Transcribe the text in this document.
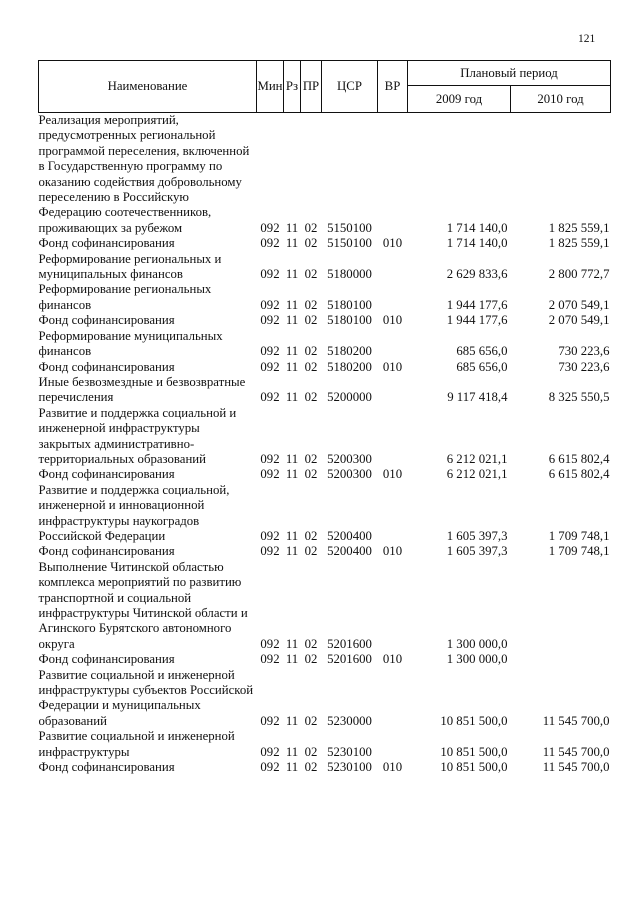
121
Наименование	Мин	Рз	ПР	ЦСР	ВР	Плановый период	
						2009 год	2010 год
Реализация мероприятий, предусмотренных региональной программой переселения, включенной в Государственную программу по оказанию содействия добровольному переселению в Российскую Федерацию соотечественников, проживающих за рубежом	092	11	02	5150100		1 714 140,0	1 825 559,1
Фонд софинансирования	092	11	02	5150100	010	1 714 140,0	1 825 559,1
Реформирование региональных и муниципальных финансов	092	11	02	5180000		2 629 833,6	2 800 772,7
Реформирование региональных финансов	092	11	02	5180100		1 944 177,6	2 070 549,1
Фонд софинансирования	092	11	02	5180100	010	1 944 177,6	2 070 549,1
Реформирование муниципальных финансов	092	11	02	5180200		685 656,0	730 223,6
Фонд софинансирования	092	11	02	5180200	010	685 656,0	730 223,6
Иные безвозмездные и безвозвратные перечисления	092	11	02	5200000		9 117 418,4	8 325 550,5
Развитие и поддержка социальной и инженерной инфраструктуры закрытых административно-территориальных образований	092	11	02	5200300		6 212 021,1	6 615 802,4
Фонд софинансирования	092	11	02	5200300	010	6 212 021,1	6 615 802,4
Развитие и поддержка социальной, инженерной и инновационной инфраструктуры наукоградов Российской Федерации	092	11	02	5200400		1 605 397,3	1 709 748,1
Фонд софинансирования	092	11	02	5200400	010	1 605 397,3	1 709 748,1
Выполнение Читинской областью комплекса мероприятий по развитию транспортной и социальной инфраструктуры Читинской области и Агинского Бурятского автономного округа	092	11	02	5201600		1 300 000,0	
Фонд софинансирования	092	11	02	5201600	010	1 300 000,0	
Развитие социальной и инженерной инфраструктуры субъектов Российской Федерации и муниципальных образований	092	11	02	5230000		10 851 500,0	11 545 700,0
Развитие социальной и инженерной инфраструктуры	092	11	02	5230100		10 851 500,0	11 545 700,0
Фонд софинансирования	092	11	02	5230100	010	10 851 500,0	11 545 700,0
